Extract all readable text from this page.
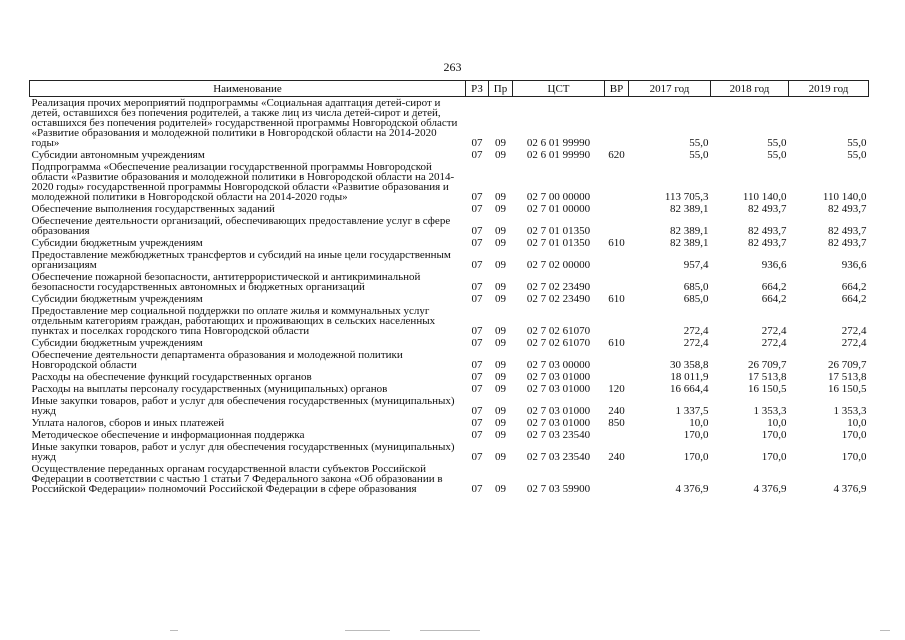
263
Наименование	РЗ	Пр	ЦСТ	ВР	2017 год	2018 год	2019 год
Реализация прочих мероприятий подпрограммы «Социальная адаптация детей-сирот и детей, оставшихся без попечения родителей, а также лиц из числа детей-сирот и детей, оставшихся без попечения родителей» государственной программы Новгородской области «Развитие образования и молодежной политики в Новгородской области на 2014-2020 годы»	07	09	02 6 01 99990		55,0	55,0	55,0
Субсидии автономным учреждениям	07	09	02 6 01 99990	620	55,0	55,0	55,0
Подпрограмма «Обеспечение реализации государственной программы Новгородской области «Развитие образования и молодежной политики в Новгородской области на 2014-2020 годы» государственной программы Новгородской области «Развитие образования и молодежной политики в Новгородской области на 2014-2020 годы»	07	09	02 7 00 00000		113 705,3	110 140,0	110 140,0
Обеспечение выполнения государственных заданий	07	09	02 7 01 00000		82 389,1	82 493,7	82 493,7
Обеспечение деятельности организаций, обеспечивающих предоставление услуг в сфере образования	07	09	02 7 01 01350		82 389,1	82 493,7	82 493,7
Субсидии бюджетным учреждениям	07	09	02 7 01 01350	610	82 389,1	82 493,7	82 493,7
Предоставление межбюджетных трансфертов и субсидий на иные цели государственным организациям	07	09	02 7 02 00000		957,4	936,6	936,6
Обеспечение пожарной безопасности, антитеррористической и антикриминальной безопасности государственных автономных и бюджетных организаций	07	09	02 7 02 23490		685,0	664,2	664,2
Субсидии бюджетным учреждениям	07	09	02 7 02 23490	610	685,0	664,2	664,2
Предоставление мер социальной поддержки по оплате жилья и коммунальных услуг отдельным категориям граждан, работающих и проживающих в сельских населенных пунктах и поселках городского типа Новгородской области	07	09	02 7 02 61070		272,4	272,4	272,4
Субсидии бюджетным учреждениям	07	09	02 7 02 61070	610	272,4	272,4	272,4
Обеспечение деятельности департамента образования и молодежной политики Новгородской области	07	09	02 7 03 00000		30 358,8	26 709,7	26 709,7
Расходы на обеспечение функций государственных органов	07	09	02 7 03 01000		18 011,9	17 513,8	17 513,8
Расходы на выплаты персоналу государственных (муниципальных) органов	07	09	02 7 03 01000	120	16 664,4	16 150,5	16 150,5
Иные закупки товаров, работ и услуг для обеспечения государственных (муниципальных) нужд	07	09	02 7 03 01000	240	1 337,5	1 353,3	1 353,3
Уплата налогов, сборов и иных платежей	07	09	02 7 03 01000	850	10,0	10,0	10,0
Методическое обеспечение и информационная поддержка	07	09	02 7 03 23540		170,0	170,0	170,0
Иные закупки товаров, работ и услуг для обеспечения государственных (муниципальных) нужд	07	09	02 7 03 23540	240	170,0	170,0	170,0
Осуществление переданных органам государственной власти субъектов Российской Федерации в соответствии с частью 1 статьи 7 Федерального закона «Об образовании в Российской Федерации» полномочий Российской Федерации в сфере образования	07	09	02 7 03 59900		4 376,9	4 376,9	4 376,9
